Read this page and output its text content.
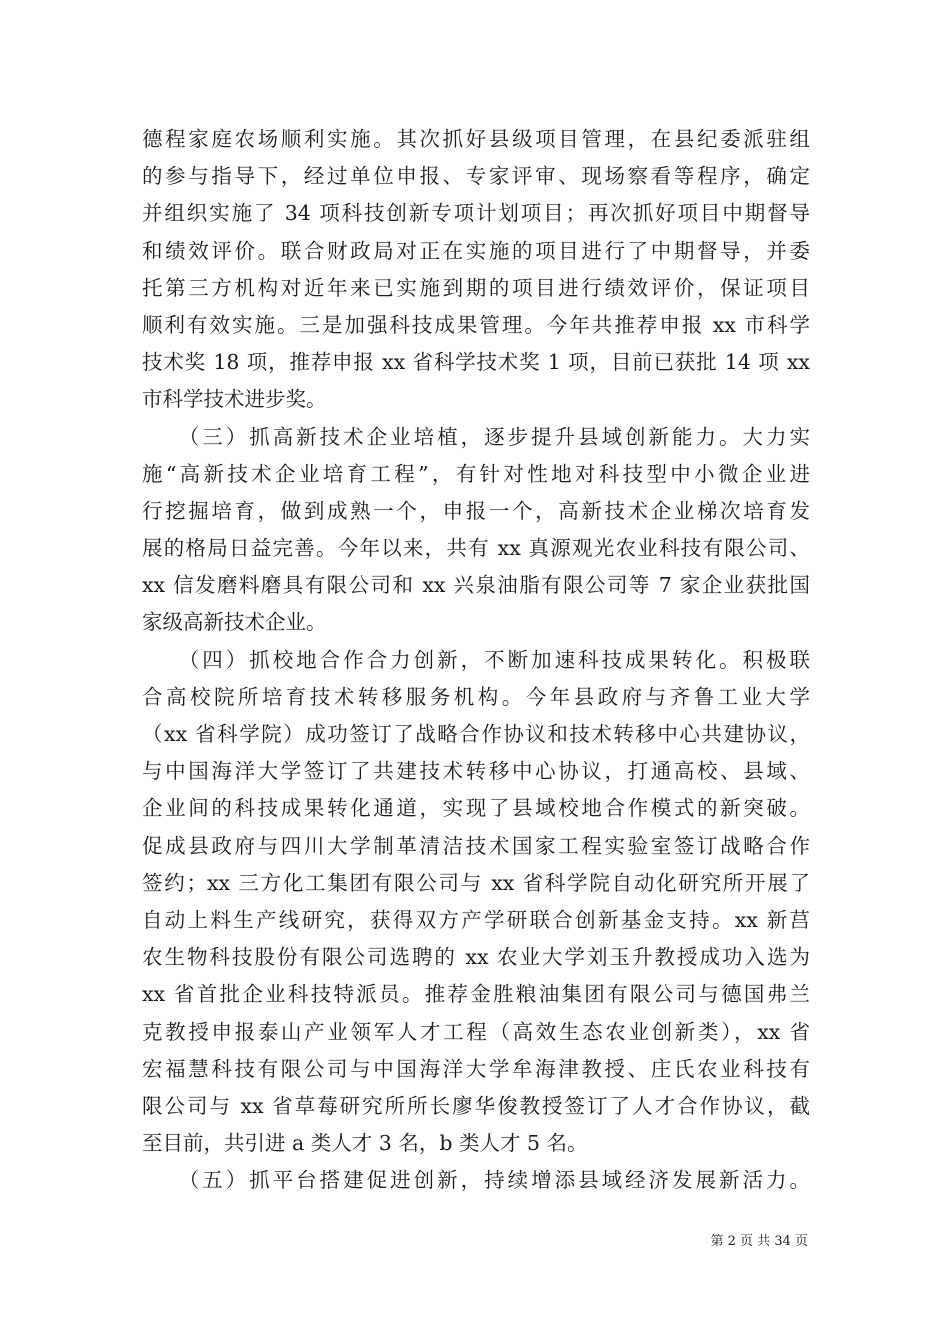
德程家庭农场顺利实施。其次抓好县级项目管理，在县纪委派驻组
的参与指导下，经过单位申报、专家评审、现场察看等程序，确定
并组织实施了 34 项科技创新专项计划项目；再次抓好项目中期督导
和绩效评价。联合财政局对正在实施的项目进行了中期督导，并委
托第三方机构对近年来已实施到期的项目进行绩效评价，保证项目
顺利有效实施。三是加强科技成果管理。今年共推荐申报 xx 市科学
技术奖 18 项，推荐申报 xx 省科学技术奖 1 项，目前已获批 14 项 xx
市科学技术进步奖。
　　（三）抓高新技术企业培植，逐步提升县域创新能力。大力实
施“高新技术企业培育工程”，有针对性地对科技型中小微企业进
行挖掘培育，做到成熟一个，申报一个，高新技术企业梯次培育发
展的格局日益完善。今年以来，共有 xx 真源观光农业科技有限公司、
xx 信发磨料磨具有限公司和 xx 兴泉油脂有限公司等 7 家企业获批国
家级高新技术企业。
　　（四）抓校地合作合力创新，不断加速科技成果转化。积极联
合高校院所培育技术转移服务机构。今年县政府与齐鲁工业大学
（xx 省科学院）成功签订了战略合作协议和技术转移中心共建协议，
与中国海洋大学签订了共建技术转移中心协议，打通高校、县域、
企业间的科技成果转化通道，实现了县域校地合作模式的新突破。
促成县政府与四川大学制革清洁技术国家工程实验室签订战略合作
签约；xx 三方化工集团有限公司与 xx 省科学院自动化研究所开展了
自动上料生产线研究，获得双方产学研联合创新基金支持。xx 新莒
农生物科技股份有限公司选聘的 xx 农业大学刘玉升教授成功入选为
xx 省首批企业科技特派员。推荐金胜粮油集团有限公司与德国弗兰
克教授申报泰山产业领军人才工程（高效生态农业创新类），xx 省
宏福慧科技有限公司与中国海洋大学牟海津教授、庄氏农业科技有
限公司与 xx 省草莓研究所所长廖华俊教授签订了人才合作协议，截
至目前，共引进 a 类人才 3 名，b 类人才 5 名。
　　（五）抓平台搭建促进创新，持续增添县域经济发展新活力。
第 2 页 共 34 页
